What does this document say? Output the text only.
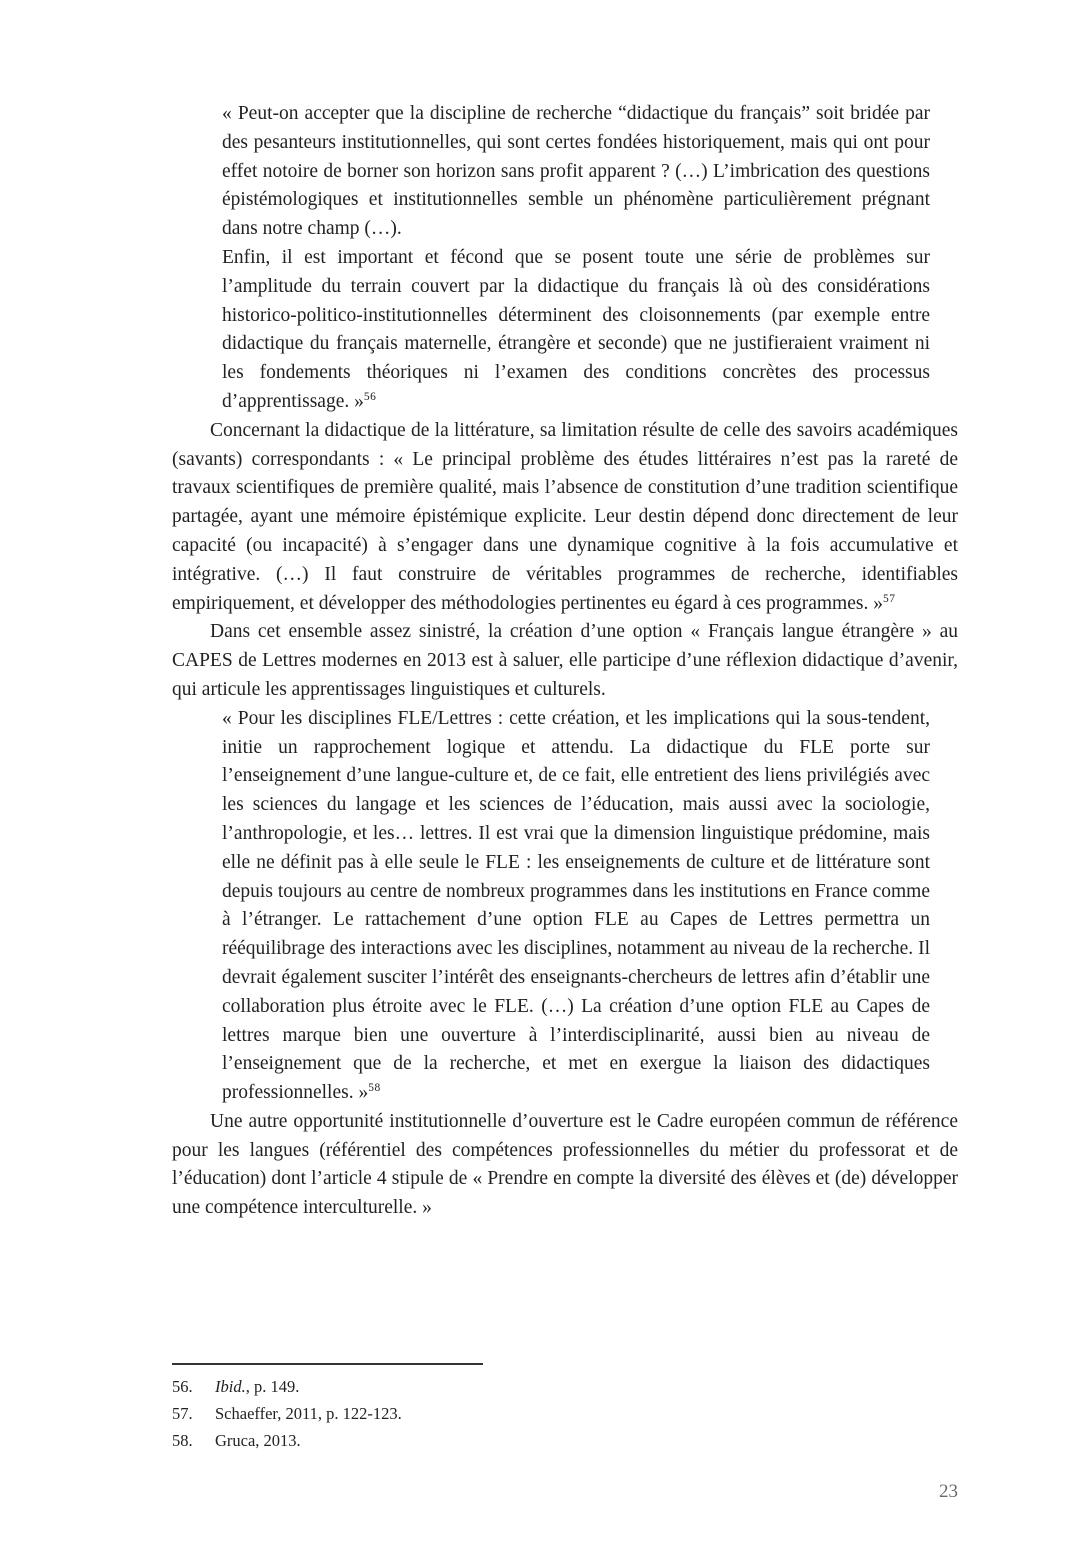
« Peut-on accepter que la discipline de recherche “didactique du français” soit bridée par des pesanteurs institutionnelles, qui sont certes fondées historiquement, mais qui ont pour effet notoire de borner son horizon sans profit apparent ? (…) L’imbrication des questions épistémologiques et institutionnelles semble un phénomène particulièrement prégnant dans notre champ (…).
Enfin, il est important et fécond que se posent toute une série de problèmes sur l’amplitude du terrain couvert par la didactique du français là où des considérations historico-politico-institutionnelles déterminent des cloisonnements (par exemple entre didactique du français maternelle, étrangère et seconde) que ne justifieraient vraiment ni les fondements théoriques ni l’examen des conditions concrètes des processus d’apprentissage. »$^{56}$

Concernant la didactique de la littérature, sa limitation résulte de celle des savoirs académiques (savants) correspondants : « Le principal problème des études littéraires n’est pas la rareté de travaux scientifiques de première qualité, mais l’absence de constitution d’une tradition scientifique partagée, ayant une mémoire épistémique explicite. Leur destin dépend donc directement de leur capacité (ou incapacité) à s’engager dans une dynamique cognitive à la fois accumulative et intégrative. (…) Il faut construire de véritables programmes de recherche, identifiables empiriquement, et développer des méthodologies pertinentes eu égard à ces programmes. »$^{57}$

Dans cet ensemble assez sinistré, la création d’une option « Français langue étrangère » au CAPES de Lettres modernes en 2013 est à saluer, elle participe d’une réflexion didactique d’avenir, qui articule les apprentissages linguistiques et culturels.

« Pour les disciplines FLE/Lettres : cette création, et les implications qui la sous-tendent, initie un rapprochement logique et attendu. La didactique du FLE porte sur l’enseignement d’une langue-culture et, de ce fait, elle entretient des liens privilégiés avec les sciences du langage et les sciences de l’éducation, mais aussi avec la sociologie, l’anthropologie, et les… lettres. Il est vrai que la dimension linguistique prédomine, mais elle ne définit pas à elle seule le FLE : les enseignements de culture et de littérature sont depuis toujours au centre de nombreux programmes dans les institutions en France comme à l’étranger. Le rattachement d’une option FLE au Capes de Lettres permettra un rééquilibrage des interactions avec les disciplines, notamment au niveau de la recherche. Il devrait également susciter l’intérêt des enseignants-chercheurs de lettres afin d’établir une collaboration plus étroite avec le FLE. (…) La création d’une option FLE au Capes de lettres marque bien une ouverture à l’interdisciplinarité, aussi bien au niveau de l’enseignement que de la recherche, et met en exergue la liaison des didactiques professionnelles. »$^{58}$

Une autre opportunité institutionnelle d’ouverture est le Cadre européen commun de référence pour les langues (référentiel des compétences professionnelles du métier du professorat et de l’éducation) dont l’article 4 stipule de « Prendre en compte la diversité des élèves et (de) développer une compétence interculturelle. »

56. Ibid., p. 149.
57. Schaeffer, 2011, p. 122-123.
58. Gruca, 2013.
23
